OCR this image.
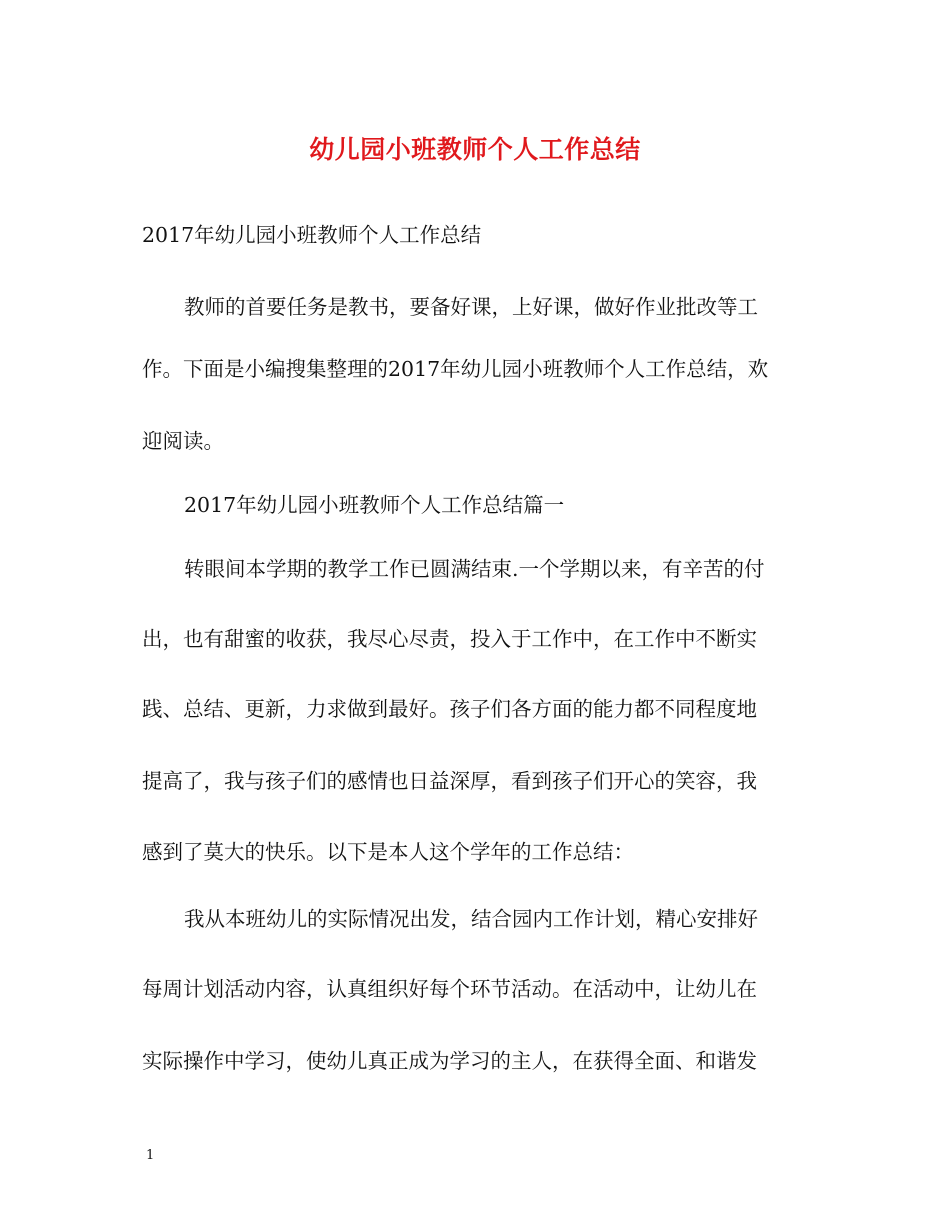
幼儿园小班教师个人工作总结
2017年幼儿园小班教师个人工作总结
教师的首要任务是教书，要备好课，上好课，做好作业批改等工
作。下面是小编搜集整理的2017年幼儿园小班教师个人工作总结，欢
迎阅读。
2017年幼儿园小班教师个人工作总结篇一
转眼间本学期的教学工作已圆满结束.一个学期以来，有辛苦的付
出，也有甜蜜的收获，我尽心尽责，投入于工作中，在工作中不断实
践、总结、更新，力求做到最好。孩子们各方面的能力都不同程度地
提高了，我与孩子们的感情也日益深厚，看到孩子们开心的笑容，我
感到了莫大的快乐。以下是本人这个学年的工作总结：
我从本班幼儿的实际情况出发，结合园内工作计划，精心安排好
每周计划活动内容，认真组织好每个环节活动。在活动中，让幼儿在
实际操作中学习，使幼儿真正成为学习的主人，在获得全面、和谐发
1
